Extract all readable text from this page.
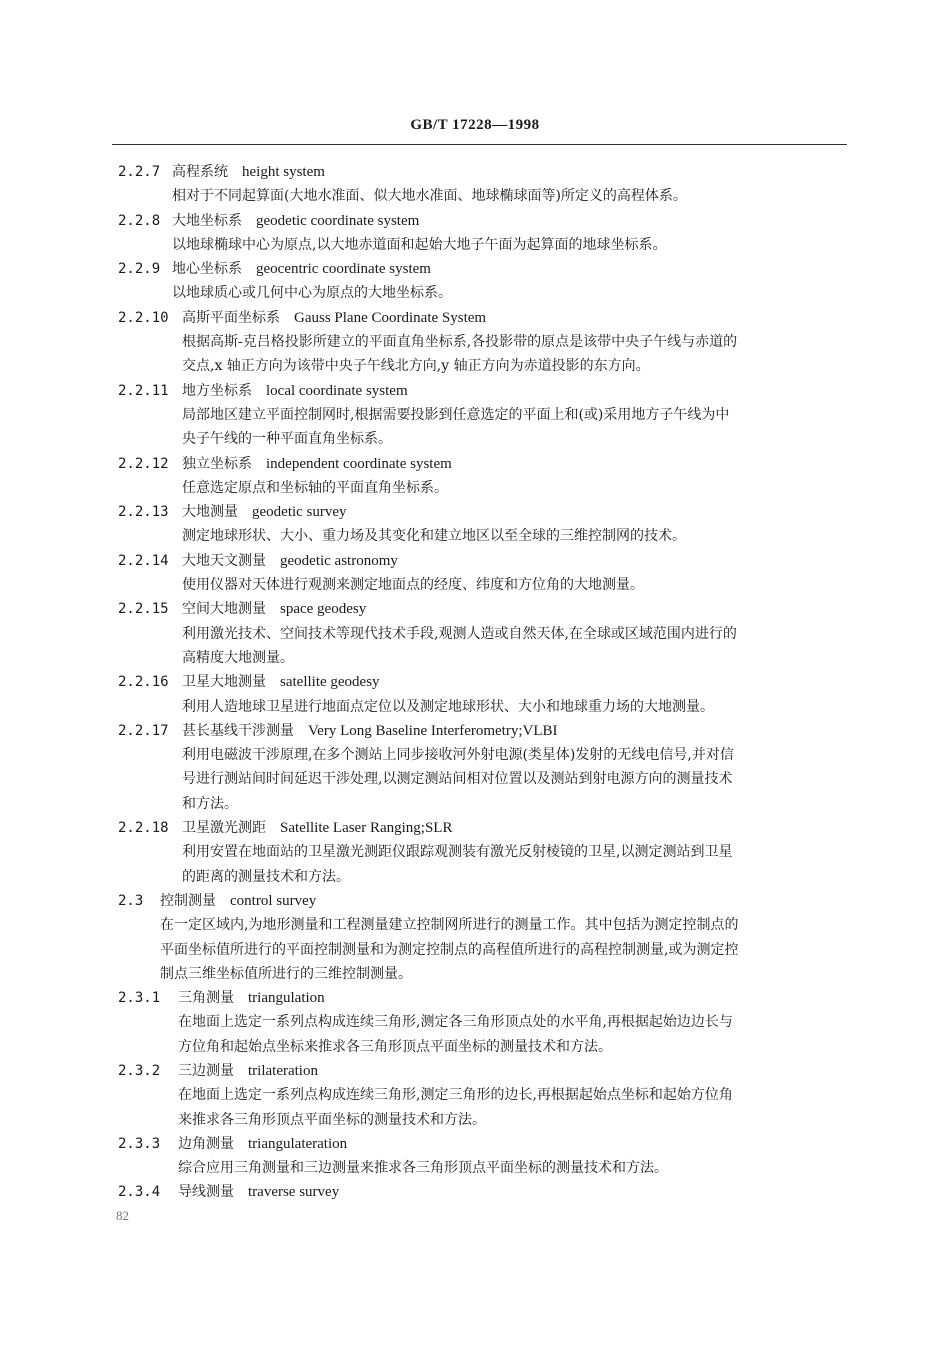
GB/T 17228—1998
2.2.7 高程系统 height system
相对于不同起算面(大地水准面、似大地水准面、地球椭球面等)所定义的高程体系。
2.2.8 大地坐标系 geodetic coordinate system
以地球椭球中心为原点,以大地赤道面和起始大地子午面为起算面的地球坐标系。
2.2.9 地心坐标系 geocentric coordinate system
以地球质心或几何中心为原点的大地坐标系。
2.2.10 高斯平面坐标系 Gauss Plane Coordinate System
根据高斯-克吕格投影所建立的平面直角坐标系,各投影带的原点是该带中央子午线与赤道的
交点,x 轴正方向为该带中央子午线北方向,y 轴正方向为赤道投影的东方向。
2.2.11 地方坐标系 local coordinate system
局部地区建立平面控制网时,根据需要投影到任意选定的平面上和(或)采用地方子午线为中
央子午线的一种平面直角坐标系。
2.2.12 独立坐标系 independent coordinate system
任意选定原点和坐标轴的平面直角坐标系。
2.2.13 大地测量 geodetic survey
测定地球形状、大小、重力场及其变化和建立地区以至全球的三维控制网的技术。
2.2.14 大地天文测量 geodetic astronomy
使用仪器对天体进行观测来测定地面点的经度、纬度和方位角的大地测量。
2.2.15 空间大地测量 space geodesy
利用激光技术、空间技术等现代技术手段,观测人造或自然天体,在全球或区域范围内进行的
高精度大地测量。
2.2.16 卫星大地测量 satellite geodesy
利用人造地球卫星进行地面点定位以及测定地球形状、大小和地球重力场的大地测量。
2.2.17 甚长基线干涉测量 Very Long Baseline Interferometry;VLBI
利用电磁波干涉原理,在多个测站上同步接收河外射电源(类星体)发射的无线电信号,并对信
号进行测站间时间延迟干涉处理,以测定测站间相对位置以及测站到射电源方向的测量技术
和方法。
2.2.18 卫星激光测距 Satellite Laser Ranging;SLR
利用安置在地面站的卫星激光测距仪跟踪观测装有激光反射棱镜的卫星,以测定测站到卫星
的距离的测量技术和方法。
2.3 控制测量 control survey
在一定区域内,为地形测量和工程测量建立控制网所进行的测量工作。其中包括为测定控制点的
平面坐标值所进行的平面控制测量和为测定控制点的高程值所进行的高程控制测量,或为测定控
制点三维坐标值所进行的三维控制测量。
2.3.1 三角测量 triangulation
在地面上选定一系列点构成连续三角形,测定各三角形顶点处的水平角,再根据起始边边长与
方位角和起始点坐标来推求各三角形顶点平面坐标的测量技术和方法。
2.3.2 三边测量 trilateration
在地面上选定一系列点构成连续三角形,测定三角形的边长,再根据起始点坐标和起始方位角
来推求各三角形顶点平面坐标的测量技术和方法。
2.3.3 边角测量 triangulateration
综合应用三角测量和三边测量来推求各三角形顶点平面坐标的测量技术和方法。
2.3.4 导线测量 traverse survey
82
